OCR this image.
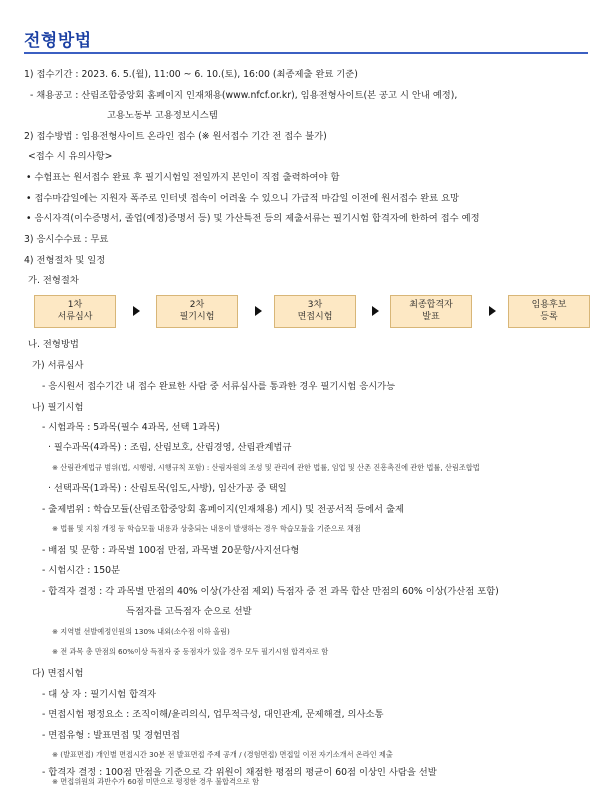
전형방법
1) 접수기간 : 2023. 6. 5.(월), 11:00 ~ 6. 10.(토), 16:00 (최종제출 완료 기준)
- 채용공고 : 산림조합중앙회 홈페이지 인재채용(www.nfcf.or.kr), 임용전형사이트(본 공고 시 안내 예정),
고용노동부 고용정보시스템
2) 접수방법 : 임용전형사이트 온라인 접수 (※ 원서접수 기간 전 접수 불가)
<접수 시 유의사항>
• 수험표는 원서접수 완료 후 필기시험일 전일까지 본인이 직접 출력하여야 함
• 접수마감일에는 지원자 폭주로 인터넷 접속이 어려울 수 있으니 가급적 마감일 이전에 원서접수 완료 요망
• 응시자격(이수증명서, 졸업(예정)증명서 등) 및 가산특전 등의 제출서류는 필기시험 합격자에 한하여 접수 예정
3) 응시수수료 : 무료
4) 전형절차 및 일정
가. 전형절차
1차
서류심사
2차
필기시험
3차
면접시험
최종합격자
발표
임용후보
등록
나. 전형방법
가) 서류심사
- 응시원서 접수기간 내 접수 완료한 사람 중 서류심사를 통과한 경우 필기시험 응시가능
나) 필기시험
- 시험과목 : 5과목(필수 4과목, 선택 1과목)
· 필수과목(4과목) : 조림, 산림보호, 산림경영, 산림관계법규
※ 산림관계법규 범위(법, 시행령, 시행규칙 포함) : 산림자원의 조성 및 관리에 관한 법률, 임업 및 산촌 진흥촉진에 관한 법률, 산림조합법
· 선택과목(1과목) : 산림토목(임도,사방), 임산가공 중 택일
- 출제범위 : 학습모듈(산림조합중앙회 홈페이지(인재채용) 게시) 및 전공서적 등에서 출제
※ 법률 및 지침 개정 등 학습모듈 내용과 상충되는 내용이 발생하는 경우 학습모듈을 기준으로 채점
- 배점 및 문항 : 과목별 100점 만점, 과목별 20문항/사지선다형
- 시험시간 : 150분
- 합격자 결정 : 각 과목별 만점의 40% 이상(가산점 제외) 득점자 중 전 과목 합산 만점의 60% 이상(가산점 포함)
득점자를 고득점자 순으로 선발
※ 지역별 선발예정인원의 130% 내외(소수점 이하 올림)
※ 전 과목 총 만점의 60%이상 득점자 중 동점자가 있을 경우 모두 필기시험 합격자로 함
다) 면접시험
- 대 상 자 : 필기시험 합격자
- 면접시험 평정요소 : 조직이해/윤리의식, 업무적극성, 대인관계, 문제해결, 의사소통
- 면접유형 : 발표면접 및 경험면접
※ (발표면접) 개인별 면접시간 30분 전 발표면접 주제 공개 / (경험면접) 면접일 이전 자기소개서 온라인 제출
- 합격자 결정 : 100점 만점을 기준으로 각 위원이 채점한 평점의 평균이 60점 이상인 사람을 선발
※ 면접위원의 과반수가 60점 미만으로 평정한 경우 불합격으로 함
